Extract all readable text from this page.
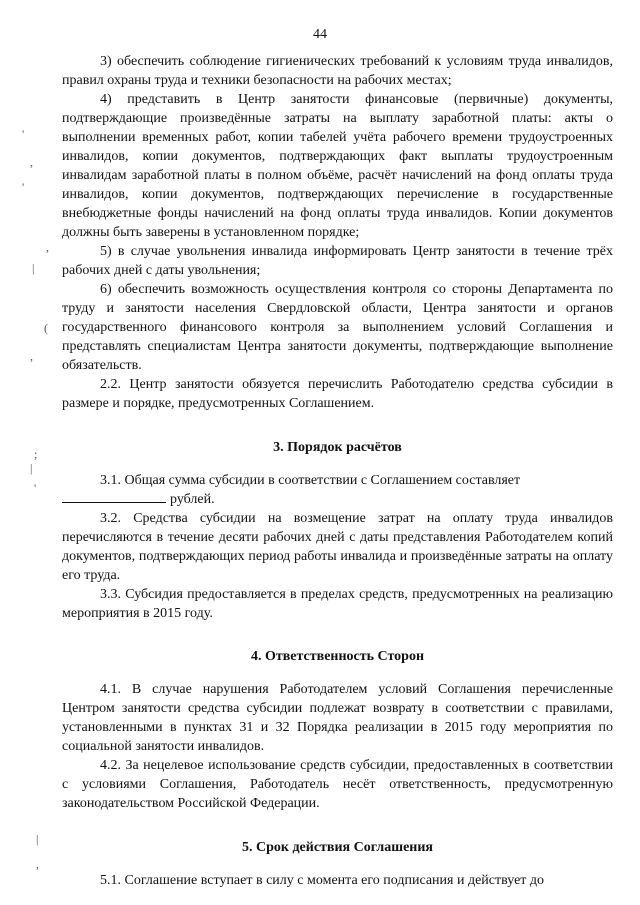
44
'
,
'
,
|
(
,
;
|
'
|
,

3) обеспечить соблюдение гигиенических требований к условиям труда инвалидов, правил охраны труда и техники безопасности на рабочих местах;

4) представить в Центр занятости финансовые (первичные) документы, подтверждающие произведённые затраты на выплату заработной платы: акты о выполнении временных работ, копии табелей учёта рабочего времени трудоустроенных инвалидов, копии документов, подтверждающих факт выплаты трудоустроенным инвалидам заработной платы в полном объёме, расчёт начислений на фонд оплаты труда инвалидов, копии документов, подтверждающих перечисление в государственные внебюджетные фонды начислений на фонд оплаты труда инвалидов. Копии документов должны быть заверены в установленном порядке;

5) в случае увольнения инвалида информировать Центр занятости в течение трёх рабочих дней с даты увольнения;

6) обеспечить возможность осуществления контроля со стороны Департамента по труду и занятости населения Свердловской области, Центра занятости и органов государственного финансового контроля за выполнением условий Соглашения и представлять специалистам Центра занятости документы, подтверждающие выполнение обязательств.

2.2. Центр занятости обязуется перечислить Работодателю средства субсидии в размере и порядке, предусмотренных Соглашением.

3. Порядок расчётов

3.1. Общая сумма субсидии в соответствии с Соглашением составляет
рублей.

3.2. Средства субсидии на возмещение затрат на оплату труда инвалидов перечисляются в течение десяти рабочих дней с даты представления Работодателем копий документов, подтверждающих период работы инвалида и произведённые затраты на оплату его труда.

3.3. Субсидия предоставляется в пределах средств, предусмотренных на реализацию мероприятия в 2015 году.

4. Ответственность Сторон

4.1. В случае нарушения Работодателем условий Соглашения перечисленные Центром занятости средства субсидии подлежат возврату в соответствии с правилами, установленными в пунктах 31 и 32 Порядка реализации в 2015 году мероприятия по социальной занятости инвалидов.

4.2. За нецелевое использование средств субсидии, предоставленных в соответствии с условиями Соглашения, Работодатель несёт ответственность, предусмотренную законодательством Российской Федерации.

5. Срок действия Соглашения

5.1. Соглашение вступает в силу с момента его подписания и действует до
